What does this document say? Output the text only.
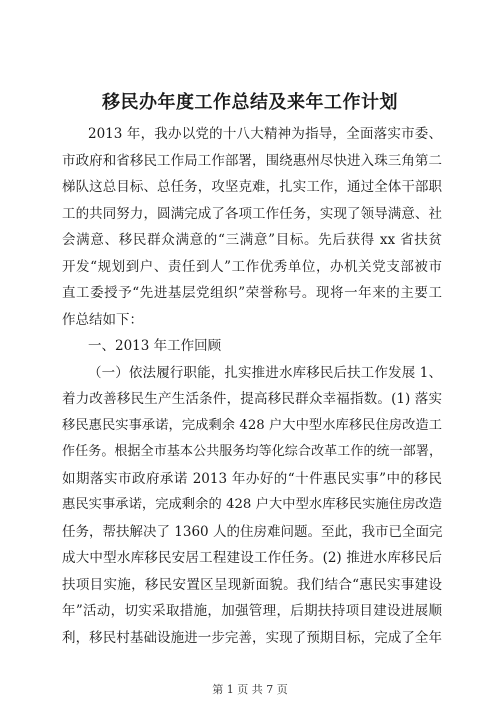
移民办年度工作总结及来年工作计划
2013 年，我办以党的十八大精神为指导，全面落实市委、
市政府和省移民工作局工作部署，围绕惠州尽快进入珠三角第二
梯队这总目标、总任务，攻坚克难，扎实工作，通过全体干部职
工的共同努力，圆满完成了各项工作任务，实现了领导满意、社
会满意、移民群众满意的“三满意”目标。先后获得 xx 省扶贫
开发“规划到户、责任到人”工作优秀单位，办机关党支部被市
直工委授予“先进基层党组织”荣誉称号。现将一年来的主要工
作总结如下：
一、2013 年工作回顾
（一）依法履行职能，扎实推进水库移民后扶工作发展 1、
着力改善移民生产生活条件，提高移民群众幸福指数。(1) 落实
移民惠民实事承诺，完成剩余 428 户大中型水库移民住房改造工
作任务。根据全市基本公共服务均等化综合改革工作的统一部署，
如期落实市政府承诺 2013 年办好的“十件惠民实事”中的移民
惠民实事承诺，完成剩余的 428 户大中型水库移民实施住房改造
任务，帮扶解决了 1360 人的住房难问题。至此，我市已全面完
成大中型水库移民安居工程建设工作任务。(2) 推进水库移民后
扶项目实施，移民安置区呈现新面貌。我们结合“惠民实事建设
年”活动，切实采取措施，加强管理，后期扶持项目建设进展顺
利，移民村基础设施进一步完善，实现了预期目标，完成了全年
第 1 页 共 7 页
